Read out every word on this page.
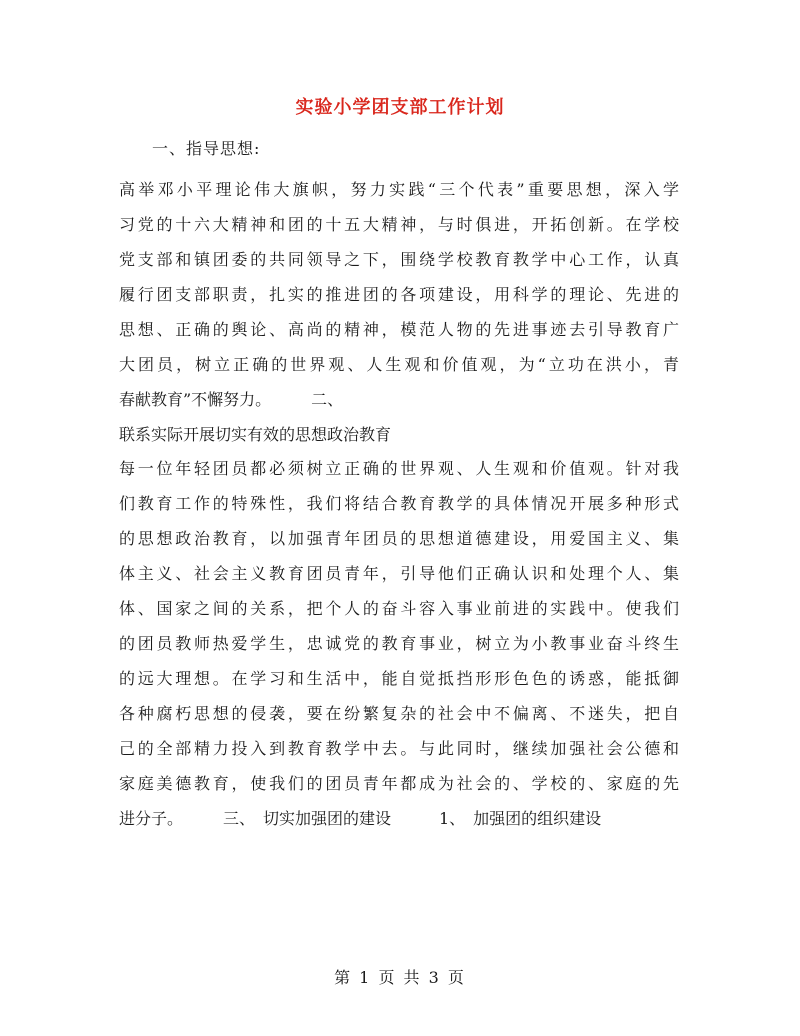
实验小学团支部工作计划
一、指导思想:
高举邓小平理论伟大旗帜，努力实践“三个代表”重要思想，深入学
习党的十六大精神和团的十五大精神，与时俱进，开拓创新。在学校
党支部和镇团委的共同领导之下，围绕学校教育教学中心工作，认真
履行团支部职责，扎实的推进团的各项建设，用科学的理论、先进的
思想、正确的舆论、高尚的精神，模范人物的先进事迹去引导教育广
大团员，树立正确的世界观、人生观和价值观，为“立功在洪小，青
春献教育”不懈努力。　　　二、
联系实际开展切实有效的思想政治教育
每一位年轻团员都必须树立正确的世界观、人生观和价值观。针对我
们教育工作的特殊性，我们将结合教育教学的具体情况开展多种形式
的思想政治教育，以加强青年团员的思想道德建设，用爱国主义、集
体主义、社会主义教育团员青年，引导他们正确认识和处理个人、集
体、国家之间的关系，把个人的奋斗容入事业前进的实践中。使我们
的团员教师热爱学生，忠诚党的教育事业，树立为小教事业奋斗终生
的远大理想。在学习和生活中，能自觉抵挡形形色色的诱惑，能抵御
各种腐朽思想的侵袭，要在纷繁复杂的社会中不偏离、不迷失，把自
己的全部精力投入到教育教学中去。与此同时，继续加强社会公德和
家庭美德教育，使我们的团员青年都成为社会的、学校的、家庭的先
进分子。　　　三、　切实加强团的建设　　　1、　加强团的组织建设
第 1 页 共 3 页
